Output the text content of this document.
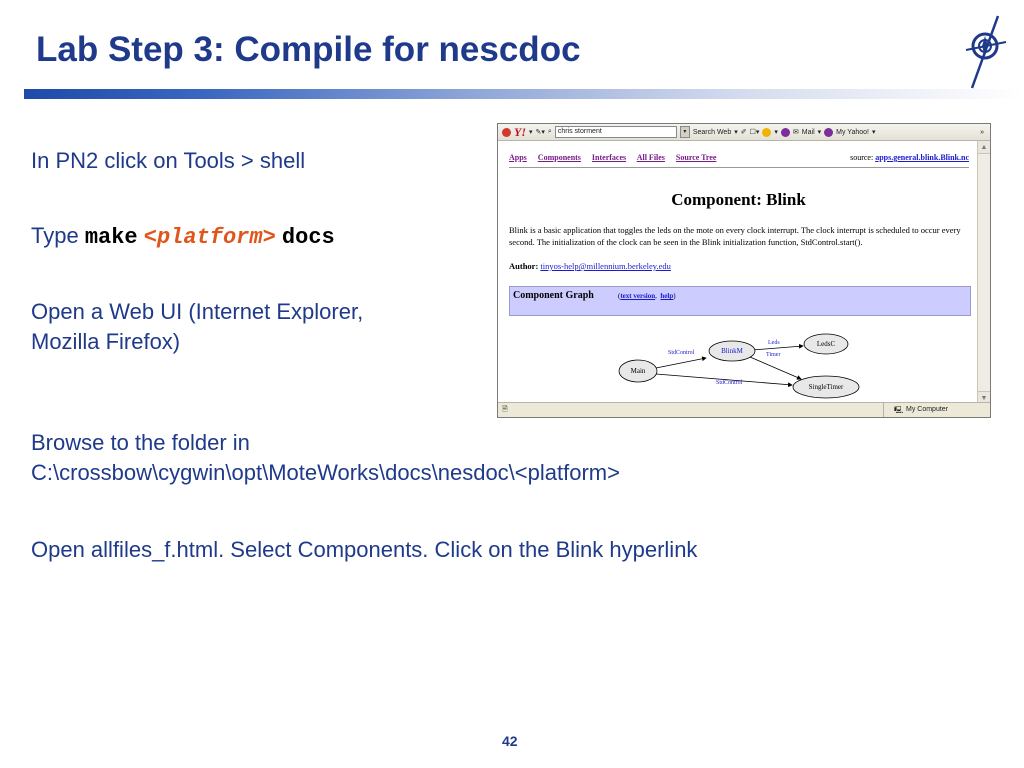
Lab Step 3: Compile for nescdoc
In PN2 click on Tools > shell
Type make <platform> docs
Open a Web UI (Internet Explorer,
Mozilla Firefox)
Browse to the folder in
C:\crossbow\cygwin\opt\MoteWorks\docs\nesdoc\<platform>
Open allfiles_f.html. Select Components. Click on the Blink hyperlink
42
Y! ▾ ✎▾ ⌕ chris storment	▾ Search Web ▾ ✐ ☐▾ ▾ ✉ Mail ▾ My Yahoo! ▾	»
Apps Components Interfaces All Files Source Tree	source: apps.general.blink.Blink.nc
Component: Blink
Blink is a basic application that toggles the leds on the mote on every clock interrupt. The clock interrupt is scheduled to occur every second. The initialization of the clock can be seen in the Blink initialization function, StdControl.start().
Author: tinyos-help@millennium.berkeley.edu
Component Graph	(text version,  help)
StdControl
StdControl
Leds
Timer
Main
BlinkM
LedsC
SingleTimer
▲
▼
🗎	🖳 My Computer
